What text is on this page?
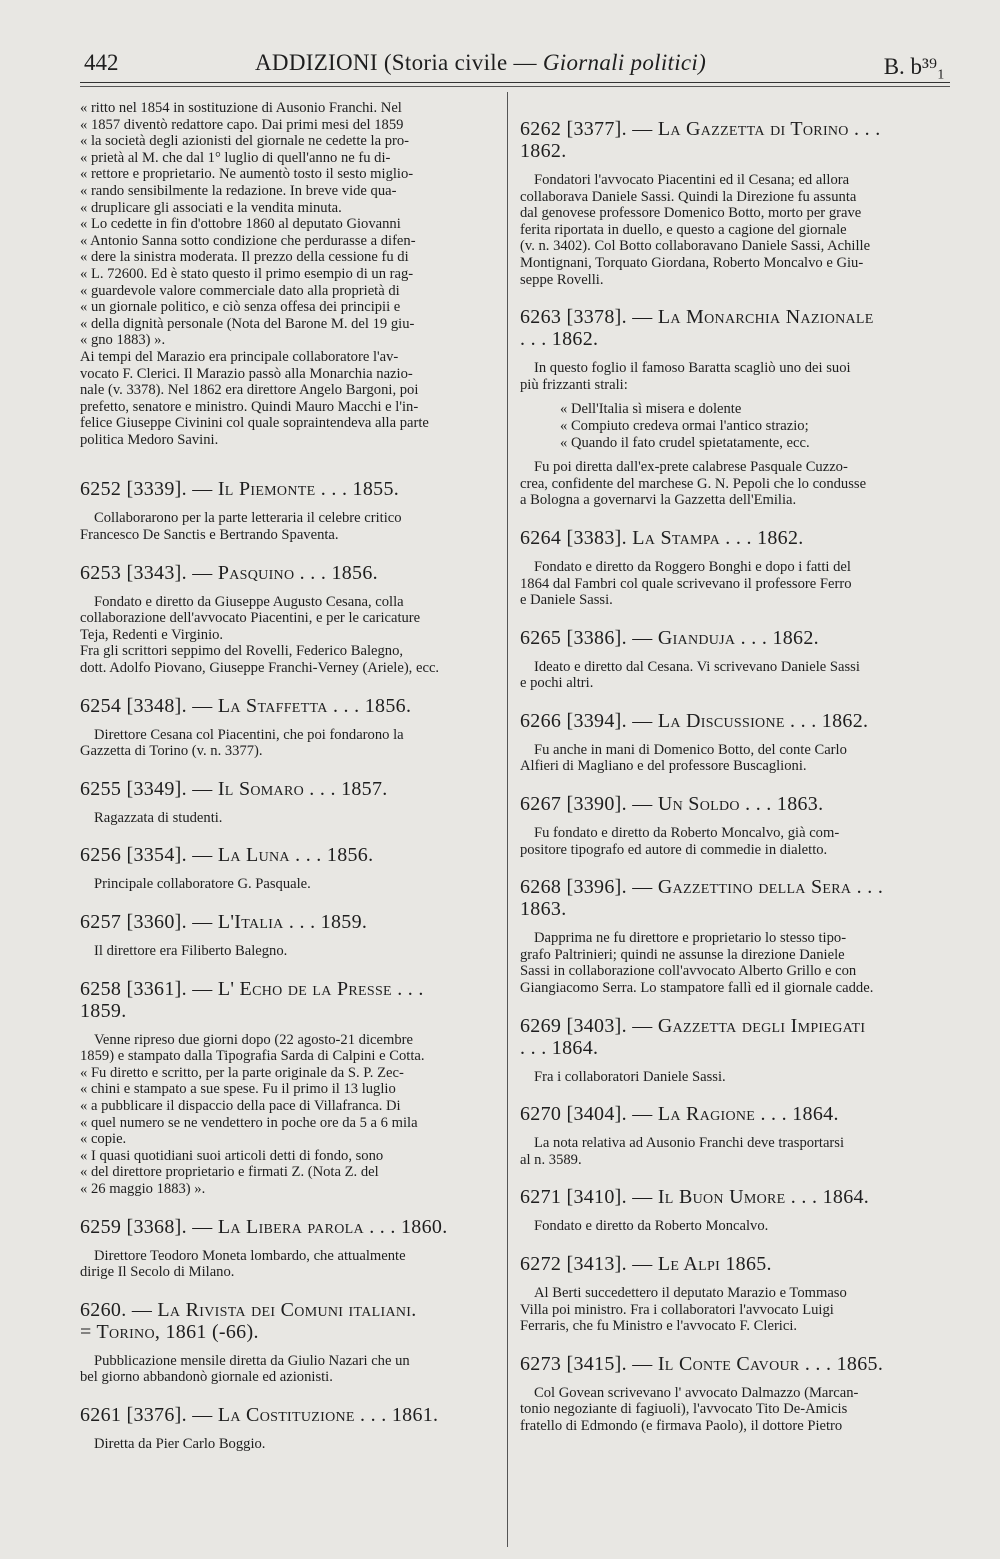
442	ADDIZIONI (Storia civile — Giornali politici)	B. b³⁹₁

« ritto nel 1854 in sostituzione di Ausonio Franchi. Nel

« 1857 diventò redattore capo. Dai primi mesi del 1859

« la società degli azionisti del giornale ne cedette la pro-

« prietà al M. che dal 1° luglio di quell'anno ne fu di-

« rettore e proprietario. Ne aumentò tosto il sesto miglio-

« rando sensibilmente la redazione. In breve vide qua-

« druplicare gli associati e la vendita minuta.

« Lo cedette in fin d'ottobre 1860 al deputato Giovanni

« Antonio Sanna sotto condizione che perdurasse a difen-

« dere la sinistra moderata. Il prezzo della cessione fu di

« L. 72600. Ed è stato questo il primo esempio di un rag-

« guardevole valore commerciale dato alla proprietà di

« un giornale politico, e ciò senza offesa dei principii e

« della dignità personale (Nota del Barone M. del 19 giu-

« gno 1883) ».

Ai tempi del Marazio era principale collaboratore l'av-

vocato F. Clerici. Il Marazio passò alla Monarchia nazio-

nale (v. 3378). Nel 1862 era direttore Angelo Bargoni, poi

prefetto, senatore e ministro. Quindi Mauro Macchi e l'in-

felice Giuseppe Civinini col quale sopraintendeva alla parte

politica Medoro Savini.

6252 [3339]. — Il Piemonte . . . 1855.

Collaborarono per la parte letteraria il celebre critico

Francesco De Sanctis e Bertrando Spaventa.

6253 [3343]. — Pasquino . . . 1856.

Fondato e diretto da Giuseppe Augusto Cesana, colla

collaborazione dell'avvocato Piacentini, e per le caricature

Teja, Redenti e Virginio.

Fra gli scrittori seppimo del Rovelli, Federico Balegno,

dott. Adolfo Piovano, Giuseppe Franchi-Verney (Ariele), ecc.

6254 [3348]. — La Staffetta . . . 1856.

Direttore Cesana col Piacentini, che poi fondarono la

Gazzetta di Torino (v. n. 3377).

6255 [3349]. — Il Somaro . . . 1857.

Ragazzata di studenti.

6256 [3354]. — La Luna . . . 1856.

Principale collaboratore G. Pasquale.

6257 [3360]. — L'Italia . . . 1859.

Il direttore era Filiberto Balegno.

6258 [3361]. — L' Echo de la Presse . . .
1859.

Venne ripreso due giorni dopo (22 agosto-21 dicembre

1859) e stampato dalla Tipografia Sarda di Calpini e Cotta.

« Fu diretto e scritto, per la parte originale da S. P. Zec-

« chini e stampato a sue spese. Fu il primo il 13 luglio

« a pubblicare il dispaccio della pace di Villafranca. Di

« quel numero se ne vendettero in poche ore da 5 a 6 mila

« copie.

« I quasi quotidiani suoi articoli detti di fondo, sono

« del direttore proprietario e firmati Z. (Nota Z. del

« 26 maggio 1883) ».

6259 [3368]. — La Libera parola . . . 1860.

Direttore Teodoro Moneta lombardo, che attualmente

dirige Il Secolo di Milano.

6260. — La Rivista dei Comuni italiani.
= Torino, 1861 (-66).

Pubblicazione mensile diretta da Giulio Nazari che un

bel giorno abbandonò giornale ed azionisti.

6261 [3376]. — La Costituzione . . . 1861.

Diretta da Pier Carlo Boggio.

6262 [3377]. — La Gazzetta di Torino . . .
1862.

Fondatori l'avvocato Piacentini ed il Cesana; ed allora

collaborava Daniele Sassi. Quindi la Direzione fu assunta

dal genovese professore Domenico Botto, morto per grave

ferita riportata in duello, e questo a cagione del giornale

(v. n. 3402). Col Botto collaboravano Daniele Sassi, Achille

Montignani, Torquato Giordana, Roberto Moncalvo e Giu-

seppe Rovelli.

6263 [3378]. — La Monarchia Nazionale
. . . 1862.

In questo foglio il famoso Baratta scagliò uno dei suoi

più frizzanti strali:

« Dell'Italia sì misera e dolente

« Compiuto credeva ormai l'antico strazio;

« Quando il fato crudel spietatamente, ecc.

Fu poi diretta dall'ex-prete calabrese Pasquale Cuzzo-

crea, confidente del marchese G. N. Pepoli che lo condusse

a Bologna a governarvi la Gazzetta dell'Emilia.

6264 [3383]. La Stampa . . . 1862.

Fondato e diretto da Roggero Bonghi e dopo i fatti del

1864 dal Fambri col quale scrivevano il professore Ferro

e Daniele Sassi.

6265 [3386]. — Gianduja . . . 1862.

Ideato e diretto dal Cesana. Vi scrivevano Daniele Sassi

e pochi altri.

6266 [3394]. — La Discussione . . . 1862.

Fu anche in mani di Domenico Botto, del conte Carlo

Alfieri di Magliano e del professore Buscaglioni.

6267 [3390]. — Un Soldo . . . 1863.

Fu fondato e diretto da Roberto Moncalvo, già com-

positore tipografo ed autore di commedie in dialetto.

6268 [3396]. — Gazzettino della Sera . . .
1863.

Dapprima ne fu direttore e proprietario lo stesso tipo-

grafo Paltrinieri; quindi ne assunse la direzione Daniele

Sassi in collaborazione coll'avvocato Alberto Grillo e con

Giangiacomo Serra. Lo stampatore fallì ed il giornale cadde.

6269 [3403]. — Gazzetta degli Impiegati
. . . 1864.

Fra i collaboratori Daniele Sassi.

6270 [3404]. — La Ragione . . . 1864.

La nota relativa ad Ausonio Franchi deve trasportarsi

al n. 3589.

6271 [3410]. — Il Buon Umore . . . 1864.

Fondato e diretto da Roberto Moncalvo.

6272 [3413]. — Le Alpi 1865.

Al Berti succedettero il deputato Marazio e Tommaso

Villa poi ministro. Fra i collaboratori l'avvocato Luigi

Ferraris, che fu Ministro e l'avvocato F. Clerici.

6273 [3415]. — Il Conte Cavour . . . 1865.

Col Govean scrivevano l' avvocato Dalmazzo (Marcan-

tonio negoziante di fagiuoli), l'avvocato Tito De-Amicis

fratello di Edmondo (e firmava Paolo), il dottore Pietro
